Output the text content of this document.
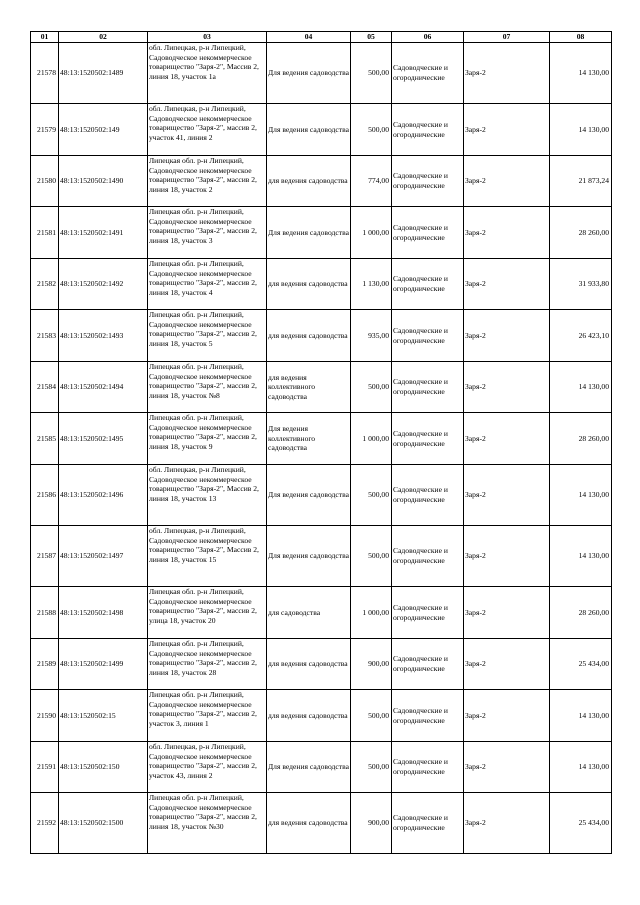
01	02	03	04	05	06	07	08
21578	48:13:1520502:1489	обл. Липецкая, р-н Липецкий, Садоводческое некоммерческое товарищество "Заря-2", Массив 2, линия 18, участок 1а	Для ведения садоводства	500,00	Садоводческие и огороднические	Заря-2	14 130,00
21579	48:13:1520502:149	обл. Липецкая, р-н Липецкий, Садоводческое некоммерческое товарищество "Заря-2", массив 2, участок 41, линия 2	Для ведения садоводства	500,00	Садоводческие и огороднические	Заря-2	14 130,00
21580	48:13:1520502:1490	Липецкая обл. р-н Липецкий, Садоводческое некоммерческое товарищество "Заря-2", массив 2, линия 18, участок 2	для ведения садоводства	774,00	Садоводческие и огороднические	Заря-2	21 873,24
21581	48:13:1520502:1491	Липецкая обл. р-н Липецкий, Садоводческое некоммерческое товарищество "Заря-2", массив 2, линия 18, участок 3	Для ведения садоводства	1 000,00	Садоводческие и огороднические	Заря-2	28 260,00
21582	48:13:1520502:1492	Липецкая обл. р-н Липецкий, Садоводческое некоммерческое товарищество "Заря-2", массив 2, линия 18, участок 4	для ведения садоводства	1 130,00	Садоводческие и огороднические	Заря-2	31 933,80
21583	48:13:1520502:1493	Липецкая обл. р-н Липецкий, Садоводческое некоммерческое товарищество "Заря-2", массив 2, линия 18, участок 5	для ведения садоводства	935,00	Садоводческие и огороднические	Заря-2	26 423,10
21584	48:13:1520502:1494	Липецкая обл. р-н Липецкий, Садоводческое некоммерческое товарищество "Заря-2", массив 2, линия 18, участок №8	для ведения коллективного садоводства	500,00	Садоводческие и огороднические	Заря-2	14 130,00
21585	48:13:1520502:1495	Липецкая обл. р-н Липецкий, Садоводческое некоммерческое товарищество "Заря-2", массив 2, линия 18, участок 9	Для ведения коллективного садоводства	1 000,00	Садоводческие и огороднические	Заря-2	28 260,00
21586	48:13:1520502:1496	обл. Липецкая, р-н Липецкий, Садоводческое некоммерческое товарищество "Заря-2", Массив 2, линия 18, участок 13	Для ведения садоводства	500,00	Садоводческие и огороднические	Заря-2	14 130,00
21587	48:13:1520502:1497	обл. Липецкая, р-н Липецкий, Садоводческое некоммерческое товарищество "Заря-2", Массив 2, линия 18, участок 15	Для ведения садоводства	500,00	Садоводческие и огороднические	Заря-2	14 130,00
21588	48:13:1520502:1498	Липецкая обл. р-н Липецкий, Садоводческое некоммерческое товарищество "Заря-2", массив 2, улица 18, участок 20	для садоводства	1 000,00	Садоводческие и огороднические	Заря-2	28 260,00
21589	48:13:1520502:1499	Липецкая обл. р-н Липецкий, Садоводческое некоммерческое товарищество "Заря-2", массив 2, линия 18, участок 28	для ведения садоводства	900,00	Садоводческие и огороднические	Заря-2	25 434,00
21590	48:13:1520502:15	Липецкая обл. р-н Липецкий, Садоводческое некоммерческое товарищество "Заря-2", массив 2, участок 3, линия 1	для ведения садоводства	500,00	Садоводческие и огороднические	Заря-2	14 130,00
21591	48:13:1520502:150	обл. Липецкая, р-н Липецкий, Садоводческое некоммерческое товарищество "Заря-2", массив 2, участок 43, линия 2	Для ведения садоводства	500,00	Садоводческие и огороднические	Заря-2	14 130,00
21592	48:13:1520502:1500	Липецкая обл. р-н Липецкий, Садоводческое некоммерческое товарищество "Заря-2", массив 2, линия 18, участок №30	для ведения садоводства	900,00	Садоводческие и огороднические	Заря-2	25 434,00
